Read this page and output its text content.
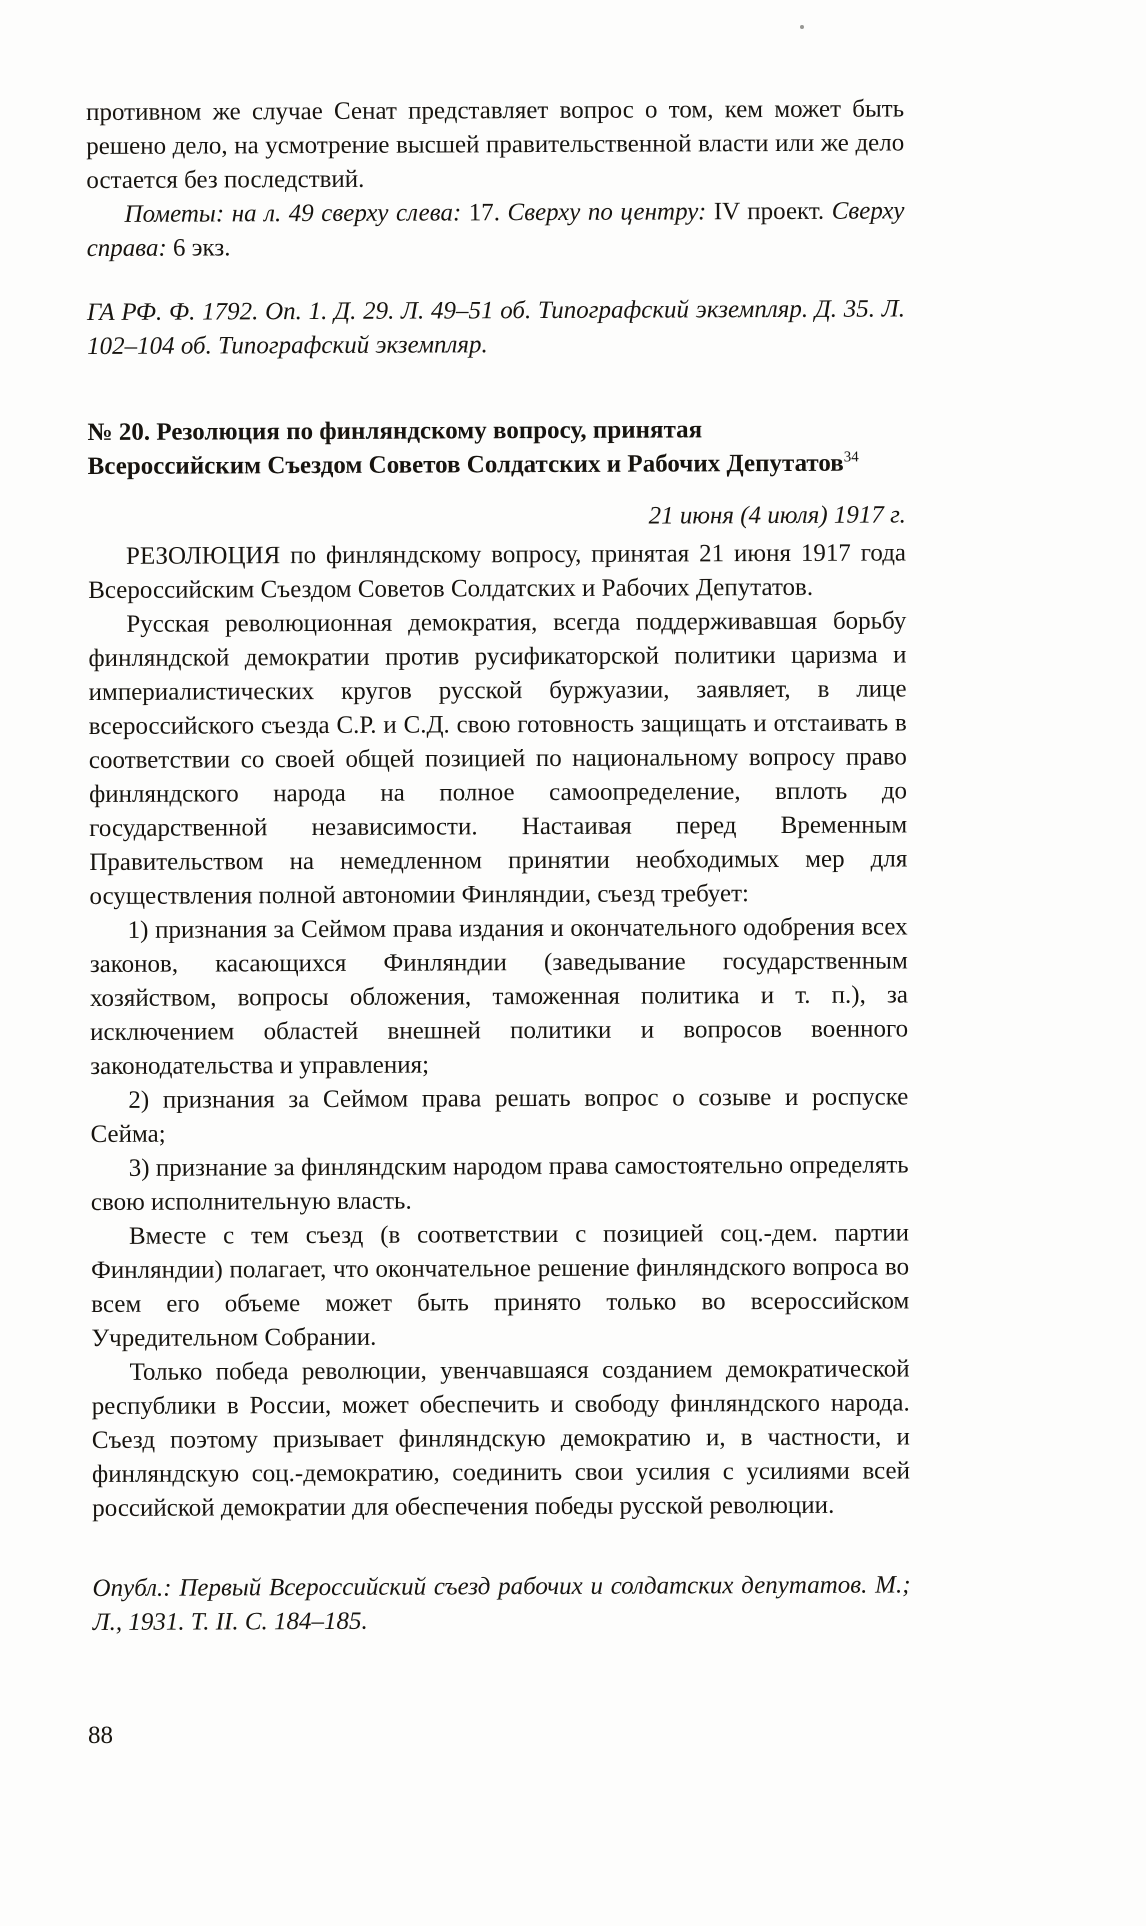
противном же случае Сенат представляет вопрос о том, кем может быть решено дело, на усмотрение высшей правительственной власти или же дело остается без последствий.

Пометы: на л. 49 сверху слева: 17. Сверху по центру: IV проект. Сверху справа: 6 экз.

ГА РФ. Ф. 1792. Оп. 1. Д. 29. Л. 49–51 об. Типографский экземпляр. Д. 35. Л. 102–104 об. Типографский экземпляр.

№ 20. Резолюция по финляндскому вопросу, принятая
Всероссийским Съездом Советов Солдатских и Рабочих Депутатов$^{34}$

21 июня (4 июля) 1917 г.

РЕЗОЛЮЦИЯ по финляндскому вопросу, принятая 21 июня 1917 года Всероссийским Съездом Советов Солдатских и Рабочих Депутатов.

Русская революционная демократия, всегда поддерживавшая борьбу финляндской демократии против русификаторской политики царизма и империалистических кругов русской буржуазии, заявляет, в лице всероссийского съезда С.Р. и С.Д. свою готовность защищать и отстаивать в соответствии со своей общей позицией по национальному вопросу право финляндского народа на полное самоопределение, вплоть до государственной независимости. Настаивая перед Временным Правительством на немедленном принятии необходимых мер для осуществления полной автономии Финляндии, съезд требует:

1) признания за Сеймом права издания и окончательного одобрения всех законов, касающихся Финляндии (заведывание государственным хозяйством, вопросы обложения, таможенная политика и т. п.), за исключением областей внешней политики и вопросов военного законодательства и управления;

2) признания за Сеймом права решать вопрос о созыве и роспуске Сейма;

3) признание за финляндским народом права самостоятельно определять свою исполнительную власть.

Вместе с тем съезд (в соответствии с позицией соц.-дем. партии Финляндии) полагает, что окончательное решение финляндского вопроса во всем его объеме может быть принято только во всероссийском Учредительном Собрании.

Только победа революции, увенчавшаяся созданием демократической республики в России, может обеспечить и свободу финляндского народа. Съезд поэтому призывает финляндскую демократию и, в частности, и финляндскую соц.-демократию, соединить свои усилия с усилиями всей российской демократии для обеспечения победы русской революции.

Опубл.: Первый Всероссийский съезд рабочих и солдатских депутатов. М.; Л., 1931. Т. II. С. 184–185.

88
